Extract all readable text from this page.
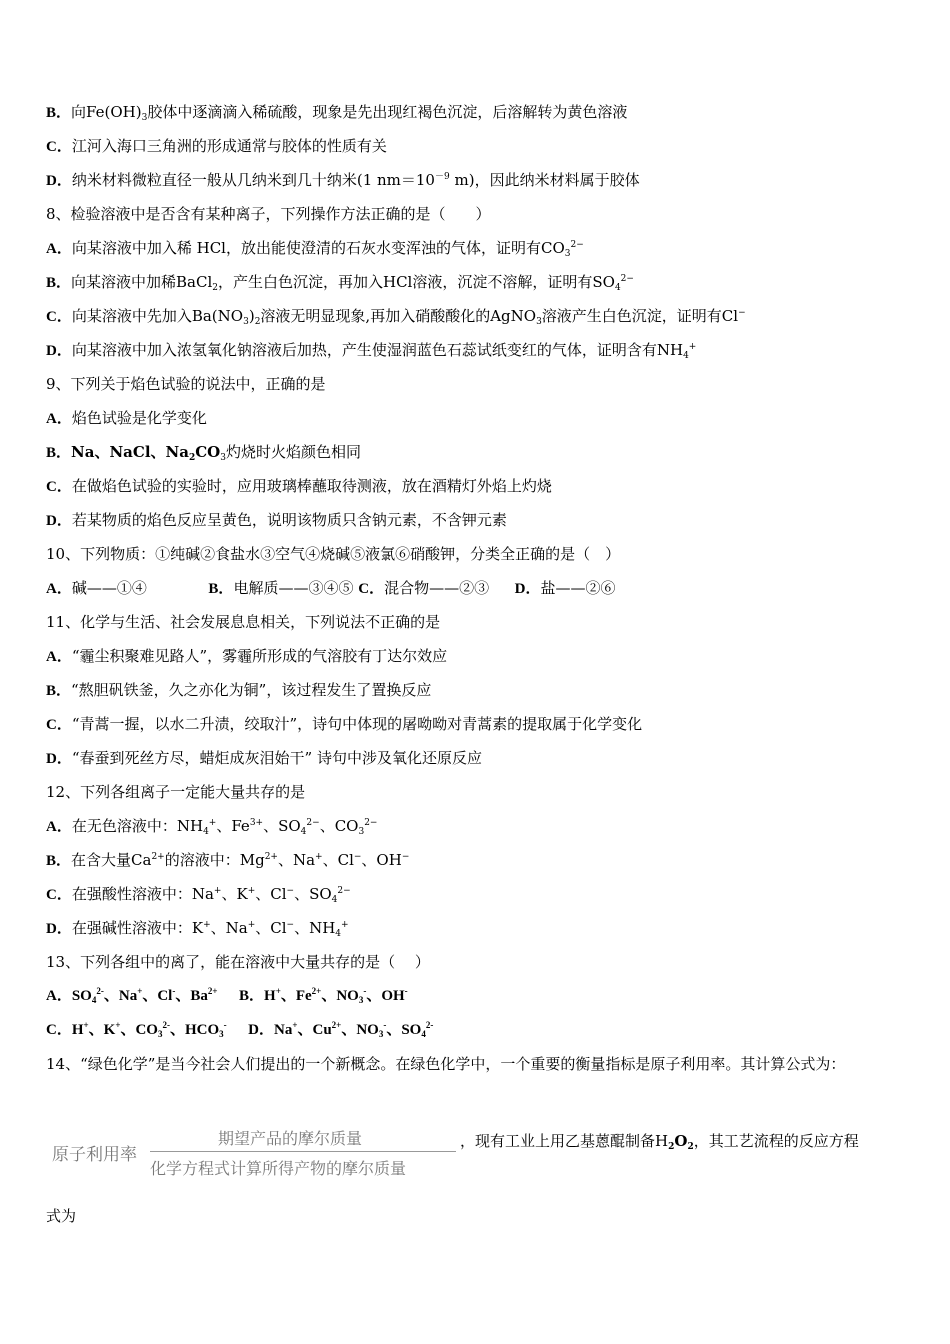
B．向$Fe(OH)_3$胶体中逐滴滴入稀硫酸，现象是先出现红褐色沉淀，后溶解转为黄色溶液
C．江河入海口三角洲的形成通常与胶体的性质有关
D．纳米材料微粒直径一般从几纳米到几十纳米(1 $nm=10^{-9}$ m)，因此纳米材料属于胶体
8、检验溶液中是否含有某种离子，下列操作方法正确的是（　　）
A．向某溶液中加入稀 HCl，放出能使澄清的石灰水变浑浊的气体，证明有$CO_3^{2-}$
B．向某溶液中加稀BaCl$_2$，产生白色沉淀，再加入HCl溶液，沉淀不溶解，证明有$SO_4^{2-}$
C．向某溶液中先加入$Ba(NO_3)_2$溶液无明显现象,再加入硝酸酸化的AgNO$_3$溶液产生白色沉淀，证明有Cl−
D．向某溶液中加入浓氢氧化钠溶液后加热，产生使湿润蓝色石蕊试纸变红的气体，证明含有$NH_4^+$
9、下列关于焰色试验的说法中，正确的是
A．焰色试验是化学变化
B．Na、NaCl、$Na_2CO_3$灼烧时火焰颜色相同
C．在做焰色试验的实验时，应用玻璃棒蘸取待测液，放在酒精灯外焰上灼烧
D．若某物质的焰色反应呈黄色，说明该物质只含钠元素，不含钾元素
10、下列物质：①纯碱②食盐水③空气④烧碱⑤液氯⑥硝酸钾，分类全正确的是（　）
A．碱——①④	B．电解质——③④⑤ C．混合物——②③ D．盐——②⑥
11、化学与生活、社会发展息息相关，下列说法不正确的是
A．“霾尘积聚难见路人”，雾霾所形成的气溶胶有丁达尔效应
B．“熬胆矾铁釜，久之亦化为铜”，该过程发生了置换反应
C．“青蒿一握，以水二升渍，绞取汁”，诗句中体现的屠呦呦对青蒿素的提取属于化学变化
D．“春蚕到死丝方尽，蜡炬成灰泪始干” 诗句中涉及氧化还原反应
12、下列各组离子一定能大量共存的是
A．在无色溶液中：$NH_4^+$、$Fe^{3+}$、$SO_4^{2-}$、$CO_3^{2-}$
B．在含大量$Ca^{2+}$的溶液中：$Mg^{2+}$、Na+、Cl−、OH−
C．在强酸性溶液中：Na+、K+、Cl−、$SO_4^{2-}$
D．在强碱性溶液中：K+、Na+、Cl−、$NH_4^+$
13、下列各组中的离了，能在溶液中大量共存的是（　 ）
A．$SO_4^{2-}$、Na+、Cl-、$Ba^{2+}$ B．H+、$Fe^{2+}$、$NO_3^-$、OH-
C．H+、K+、$CO_3^{2-}$、$HCO_3^-$ D．Na+、$Cu^{2+}$、$NO_3^-$、$SO_4^{2-}$
14、“绿色化学”是当今社会人们提出的一个新概念。在绿色化学中，一个重要的衡量指标是原子利用率。其计算公式为：
原子利用率
期望产品的摩尔质量
化学方程式计算所得产物的摩尔质量
，现有工业上用乙基蒽醌制备$H_2O_2$，其工艺流程的反应方程
式为
